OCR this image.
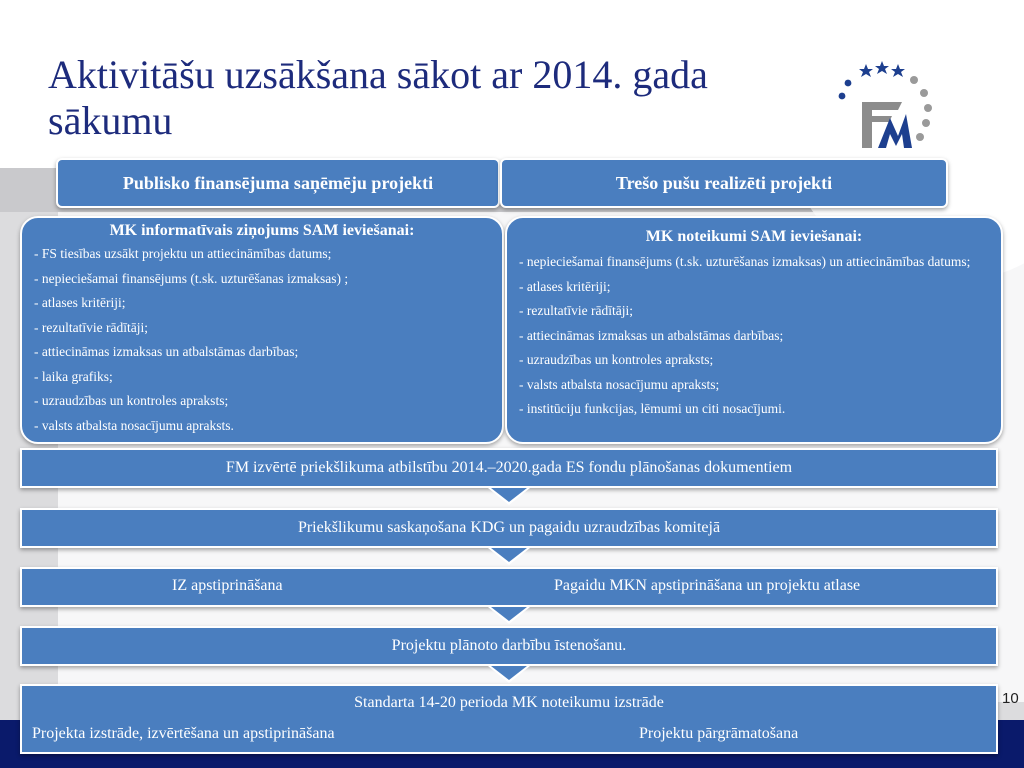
Aktivitāšu uzsākšana sākot ar 2014. gada sākumu
Publisko finansējuma saņēmēju projekti	Trešo pušu realizēti projekti
MK informatīvais ziņojums SAM ieviešanai:
- FS tiesības uzsākt projektu un attiecināmības datums;
- nepieciešamai finansējums (t.sk. uzturēšanas izmaksas) ;
- atlases kritēriji;
- rezultatīvie rādītāji;
- attiecināmas izmaksas un atbalstāmas darbības;
- laika grafiks;
- uzraudzības un kontroles apraksts;
- valsts atbalsta nosacījumu apraksts.
MK noteikumi SAM ieviešanai:
- nepieciešamai finansējums (t.sk. uzturēšanas izmaksas) un attiecināmības datums;
- atlases kritēriji;
- rezultatīvie rādītāji;
- attiecināmas izmaksas un atbalstāmas darbības;
- uzraudzības un kontroles apraksts;
- valsts atbalsta nosacījumu apraksts;
- institūciju funkcijas, lēmumi un citi nosacījumi.
FM izvērtē priekšlikuma atbilstību 2014.–2020.gada ES fondu plānošanas dokumentiem
Priekšlikumu saskaņošana KDG un pagaidu uzraudzības komitejā
IZ apstiprināšana	Pagaidu MKN apstiprināšana un projektu atlase
Projektu plānoto darbību īstenošanu.
Standarta 14-20 perioda MK noteikumu izstrāde
Projekta izstrāde, izvērtēšana un apstiprināšana	Projektu pārgrāmatošana
10
